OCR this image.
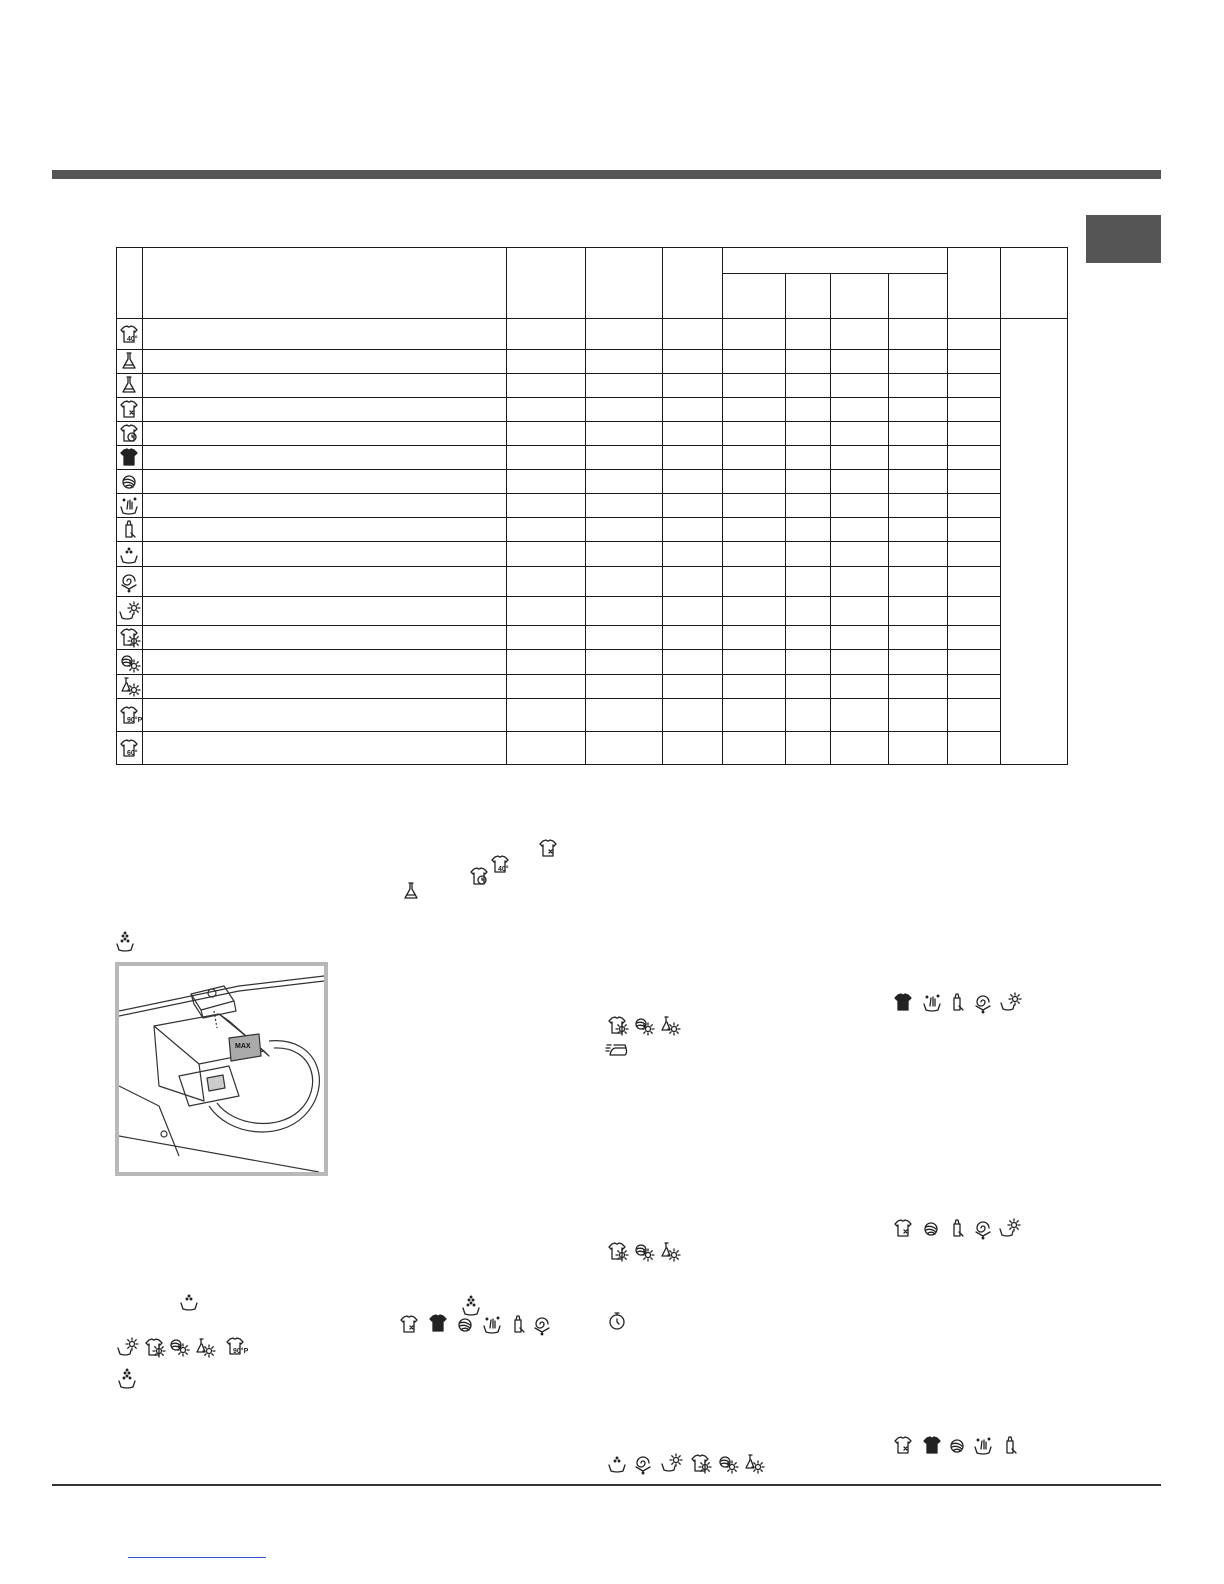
MAX
40°
90°P
60°
40°
90°P
